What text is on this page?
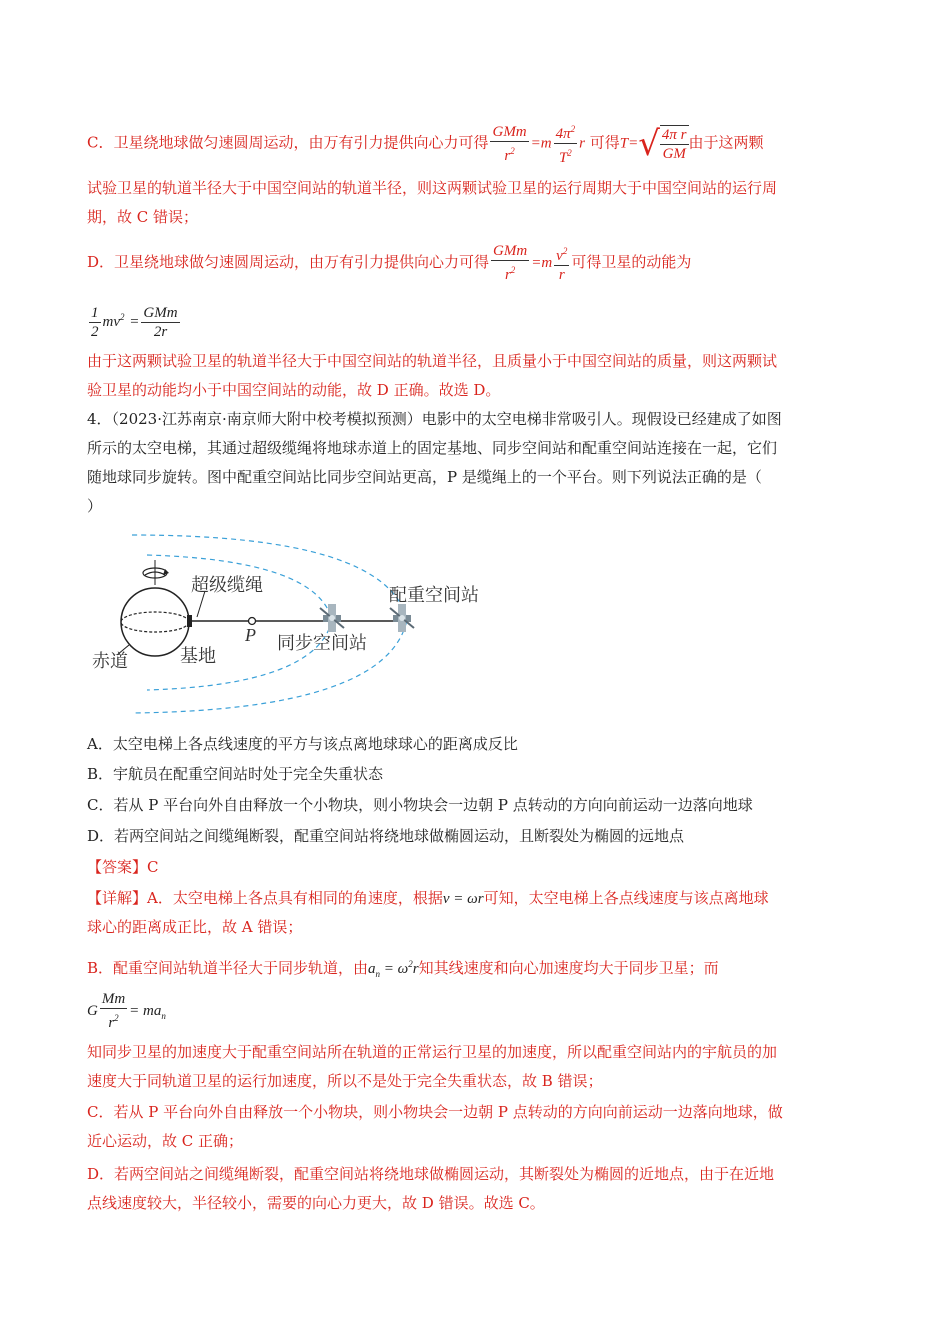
C．卫星绕地球做匀速圆周运动，由万有引力提供向心力可得 $\frac{\text{GMm}}{r^2} =m \frac{4\pi^2}{T^2}$ r 可得T= √ $\frac{\text{4π r}}{GM}$ 由于这两颗
试验卫星的轨道半径大于中国空间站的轨道半径，则这两颗试验卫星的运行周期大于中国空间站的运行周
期，故 C 错误；
D．卫星绕地球做匀速圆周运动，由万有引力提供向心力可得 $\frac{\text{GMm}}{r^2} =m \frac{v^2}{r}$ 可得卫星的动能为
$\frac{1}{2} mv^2 = \frac{\text{GMm}}{2r}$
由于这两颗试验卫星的轨道半径大于中国空间站的轨道半径，且质量小于中国空间站的质量，则这两颗试
验卫星的动能均小于中国空间站的动能，故 D 正确。故选 D。
4．（2023·江苏南京·南京师大附中校考模拟预测）电影中的太空电梯非常吸引人。现假设已经建成了如图
所示的太空电梯，其通过超级缆绳将地球赤道上的固定基地、同步空间站和配重空间站连接在一起，它们
随地球同步旋转。图中配重空间站比同步空间站更高，P 是缆绳上的一个平台。则下列说法正确的是（
）
超级缆绳	配重空间站
P 同步空间站
基地
赤道
A．太空电梯上各点线速度的平方与该点离地球球心的距离成反比
B．宇航员在配重空间站时处于完全失重状态
C．若从 P 平台向外自由释放一个小物块，则小物块会一边朝 P 点转动的方向向前运动一边落向地球
D．若两空间站之间缆绳断裂，配重空间站将绕地球做椭圆运动，且断裂处为椭圆的远地点
【答案】C
【详解】A．太空电梯上各点具有相同的角速度，根据v = ωr可知，太空电梯上各点线速度与该点离地球
球心的距离成正比，故 A 错误；
B．配重空间站轨道半径大于同步轨道，由$a_n = \omega^2r$知其线速度和向心加速度均大于同步卫星；而
G $\frac{Mm}{r^2} = ma_n$
知同步卫星的加速度大于配重空间站所在轨道的正常运行卫星的加速度，所以配重空间站内的宇航员的加
速度大于同轨道卫星的运行加速度，所以不是处于完全失重状态，故 B 错误；
C．若从 P 平台向外自由释放一个小物块，则小物块会一边朝 P 点转动的方向向前运动一边落向地球，做
近心运动，故 C 正确；
D．若两空间站之间缆绳断裂，配重空间站将绕地球做椭圆运动，其断裂处为椭圆的近地点，由于在近地
点线速度较大，半径较小，需要的向心力更大，故 D 错误。故选 C。
